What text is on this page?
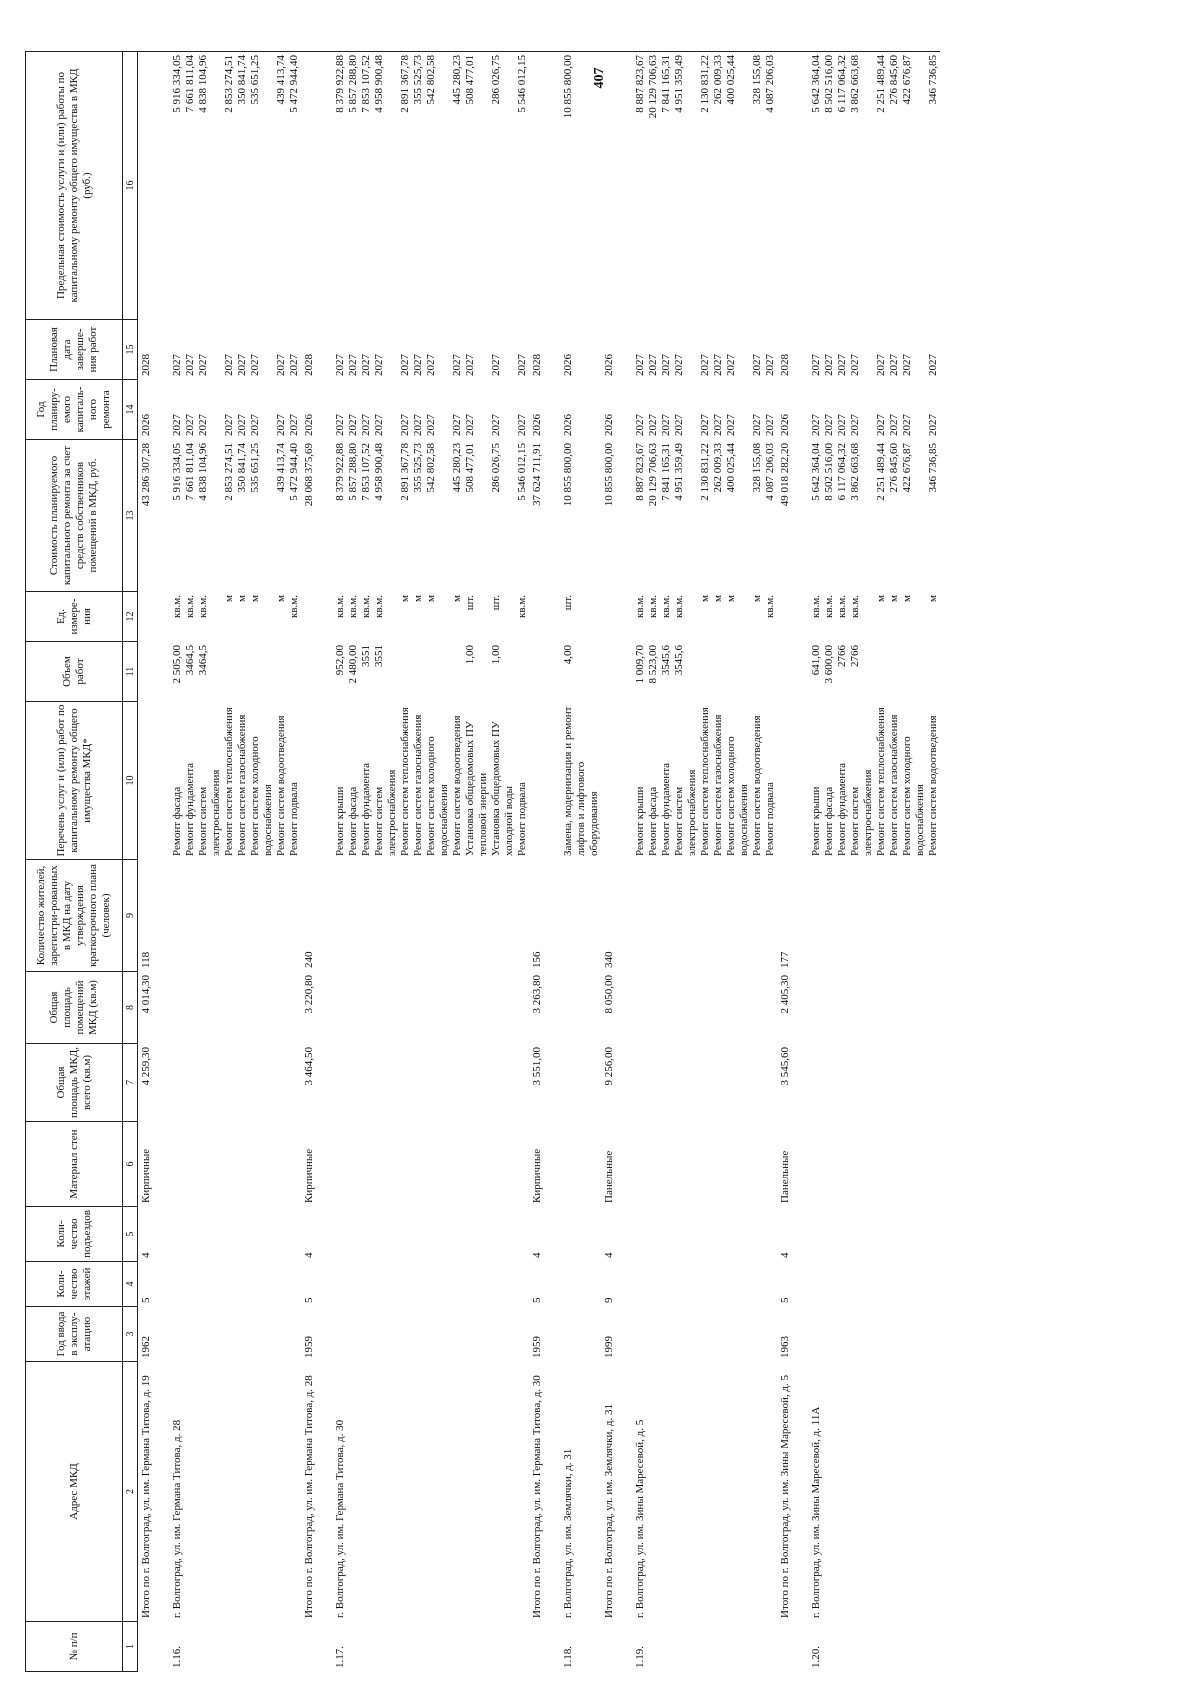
407
№ п/п	Адрес МКД	Год ввода в эксплу-атацию	Коли-чество этажей	Коли-чество подъездов	Материал стен	Общая площадь МКД, всего (кв.м)	Общая площадь помещений МКД (кв.м)	Количество жителей, зарегистри-рованных в МКД на дату утверждения краткосрочного плана (человек)	Перечень услуг и (или) работ по капитальному ремонту общего имущества МКД*	Объем работ	Ед. измере-ния	Стоимость планируемого капитального ремонта за счет средств собственников помещений в МКД, руб.	Год планиру-емого капиталь-ного ремонта	Плановая дата заверше-ния работ	Предельная стоимость услуги и (или) работы по капитальному ремонту общего имущества в МКД (руб.)
1	2	3	4	5	6	7	8	9	10	11	12	13	14	15	16
	Итого по г. Волгоград, ул. им. Германа Титова, д. 19	1962	5	4	Кирпичные	4 259,30	4 014,30	118				43 286 307,28	2026	2028	
1.16.	г. Волгоград, ул. им. Германа Титова, д. 28								Ремонт фасада	2 505,00	кв.м.	5 916 334,05	2027	2027	5 916 334,05
									Ремонт фундамента	3464,5	кв.м.	7 661 811,04	2027	2027	7 661 811,04
									Ремонт систем электроснабжения	3464,5	кв.м.	4 838 104,96	2027	2027	4 838 104,96
									Ремонт систем теплоснабжения		м	2 853 274,51	2027	2027	2 853 274,51
									Ремонт систем газоснабжения		м	350 841,74	2027	2027	350 841,74
									Ремонт систем холодного водоснабжения		м	535 651,25	2027	2027	535 651,25
									Ремонт систем водоотведения		м	439 413,74	2027	2027	439 413,74
									Ремонт подвала		кв.м.	5 472 944,40	2027	2027	5 472 944,40
	Итого по г. Волгоград, ул. им. Германа Титова, д. 28	1959	5	4	Кирпичные	3 464,50	3 220,80	240				28 068 375,69	2026	2028	
1.17.	г. Волгоград, ул. им. Германа Титова, д. 30								Ремонт крыши	952,00	кв.м.	8 379 922,88	2027	2027	8 379 922,88
									Ремонт фасада	2 480,00	кв.м.	5 857 288,80	2027	2027	5 857 288,80
									Ремонт фундамента	3551	кв.м.	7 853 107,52	2027	2027	7 853 107,52
									Ремонт систем электроснабжения	3551	кв.м.	4 958 900,48	2027	2027	4 958 900,48
									Ремонт систем теплоснабжения		м	2 891 367,78	2027	2027	2 891 367,78
									Ремонт систем газоснабжения		м	355 525,73	2027	2027	355 525,73
									Ремонт систем холодного водоснабжения		м	542 802,58	2027	2027	542 802,58
									Ремонт систем водоотведения		м	445 280,23	2027	2027	445 280,23
									Установка общедомовых ПУ тепловой энергии	1,00	шт.	508 477,01	2027	2027	508 477,01
									Установка общедомовых ПУ холодной воды	1,00	шт.	286 026,75	2027	2027	286 026,75
									Ремонт подвала		кв.м.	5 546 012,15	2027	2027	5 546 012,15
	Итого по г. Волгоград, ул. им. Германа Титова, д. 30	1959	5	4	Кирпичные	3 551,00	3 263,80	156				37 624 711,91	2026	2028	
1.18.	г. Волгоград, ул. им. Землячки, д. 31								Замена, модернизация и ремонт лифтов и лифтового оборудования	4,00	шт.	10 855 800,00	2026	2026	10 855 800,00
	Итого по г. Волгоград, ул. им. Землячки, д. 31	1999	9	4	Панельные	9 256,00	8 050,00	340				10 855 800,00	2026	2026	
1.19.	г. Волгоград, ул. им. Зины Маресевой, д. 5								Ремонт крыши	1 009,70	кв.м.	8 887 823,67	2027	2027	8 887 823,67
									Ремонт фасада	8 523,00	кв.м.	20 129 706,63	2027	2027	20 129 706,63
									Ремонт фундамента	3545,6	кв.м.	7 841 165,31	2027	2027	7 841 165,31
									Ремонт систем электроснабжения	3545,6	кв.м.	4 951 359,49	2027	2027	4 951 359,49
									Ремонт систем теплоснабжения		м	2 130 831,22	2027	2027	2 130 831,22
									Ремонт систем газоснабжения		м	262 009,33	2027	2027	262 009,33
									Ремонт систем холодного водоснабжения		м	400 025,44	2027	2027	400 025,44
									Ремонт систем водоотведения		м	328 155,08	2027	2027	328 155,08
									Ремонт подвала		кв.м.	4 087 206,03	2027	2027	4 087 206,03
	Итого по г. Волгоград, ул. им. Зины Маресевой, д. 5	1963	5	4	Панельные	3 545,60	2 405,30	177				49 018 282,20	2026	2028	
1.20.	г. Волгоград, ул. им. Зины Маресевой, д. 11А								Ремонт крыши	641,00	кв.м.	5 642 364,04	2027	2027	5 642 364,04
									Ремонт фасада	3 600,00	кв.м.	8 502 516,00	2027	2027	8 502 516,00
									Ремонт фундамента	2766	кв.м.	6 117 064,32	2027	2027	6 117 064,32
									Ремонт систем электроснабжения	2766	кв.м.	3 862 663,68	2027	2027	3 862 663,68
									Ремонт систем теплоснабжения		м	2 251 489,44	2027	2027	2 251 489,44
									Ремонт систем газоснабжения		м	276 845,60	2027	2027	276 845,60
									Ремонт систем холодного водоснабжения		м	422 676,87	2027	2027	422 676,87
									Ремонт систем водоотведения		м	346 736,85	2027	2027	346 736,85
